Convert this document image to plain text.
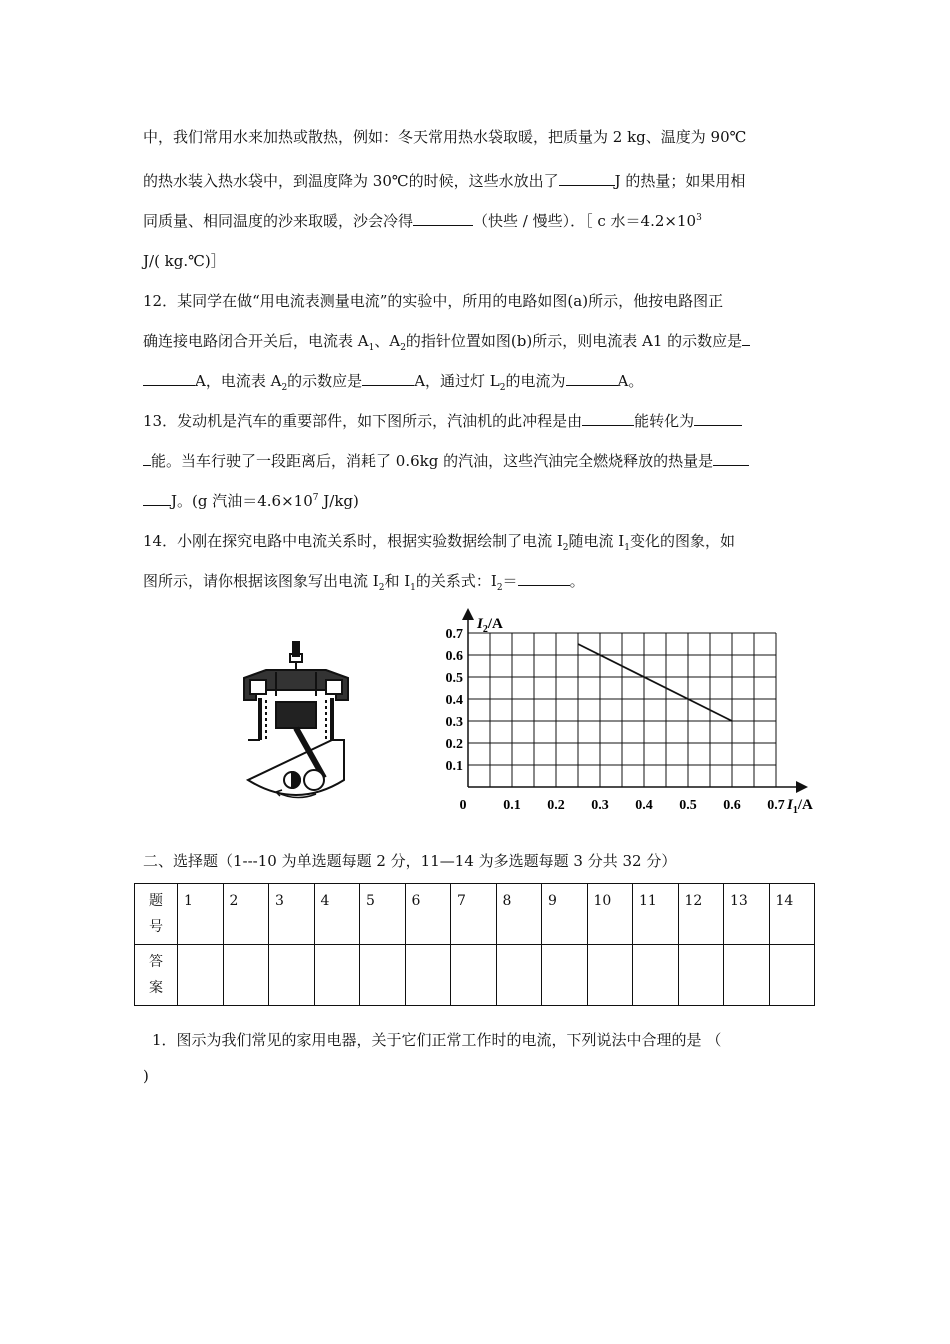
中，我们常用水来加热或散热，例如：冬天常用热水袋取暖，把质量为 2 kg、温度为 90℃
的热水装入热水袋中，到温度降为 30℃的时候，这些水放出了	J 的热量；如果用相
同质量、相同温度的沙来取暖，沙会冷得	（快些 / 慢些）．［ c 水$=4.2\times 10^3$
J/( kg.℃)］
12．某同学在做“用电流表测量电流”的实验中，所用的电路如图(a)所示，他按电路图正
确连接电路闭合开关后，电流表 $A_1$、$A_2$的指针位置如图(b)所示，则电流表 A1 的示数应是
A，电流表 $A_2$的示数应是	A，通过灯 $L_2$的电流为	A。
13．发动机是汽车的重要部件，如下图所示，汽油机的此冲程是由	能转化为
能。当车行驶了一段距离后，消耗了 0.6kg 的汽油，这些汽油完全燃烧释放的热量是
J。(g 汽油$=4.6\times 10^7$ J/kg)
14．小刚在探究电路中电流关系时，根据实验数据绘制了电流 $I_2$随电流 $I_1$变化的图象，如
图所示，请你根据该图象写出电流 $I_2$和 $I_1$的关系式：$I_2=$	。
0.1
0.2
0.3
0.4
0.5
0.6
0.7
0.1 0.2 0.3 0.4 0.5 0.6 0.7
0
$I_2/A$
$I_1/A$
二、选择题（1---10 为单选题每题 2 分，11—14 为多选题每题 3 分共 32 分）
题
号	1	2	3	4	5	6	7	8	9	10	11	12	13	14
答
案														
1．图示为我们常见的家用电器，关于它们正常工作时的电流，下列说法中合理的是 （
)
